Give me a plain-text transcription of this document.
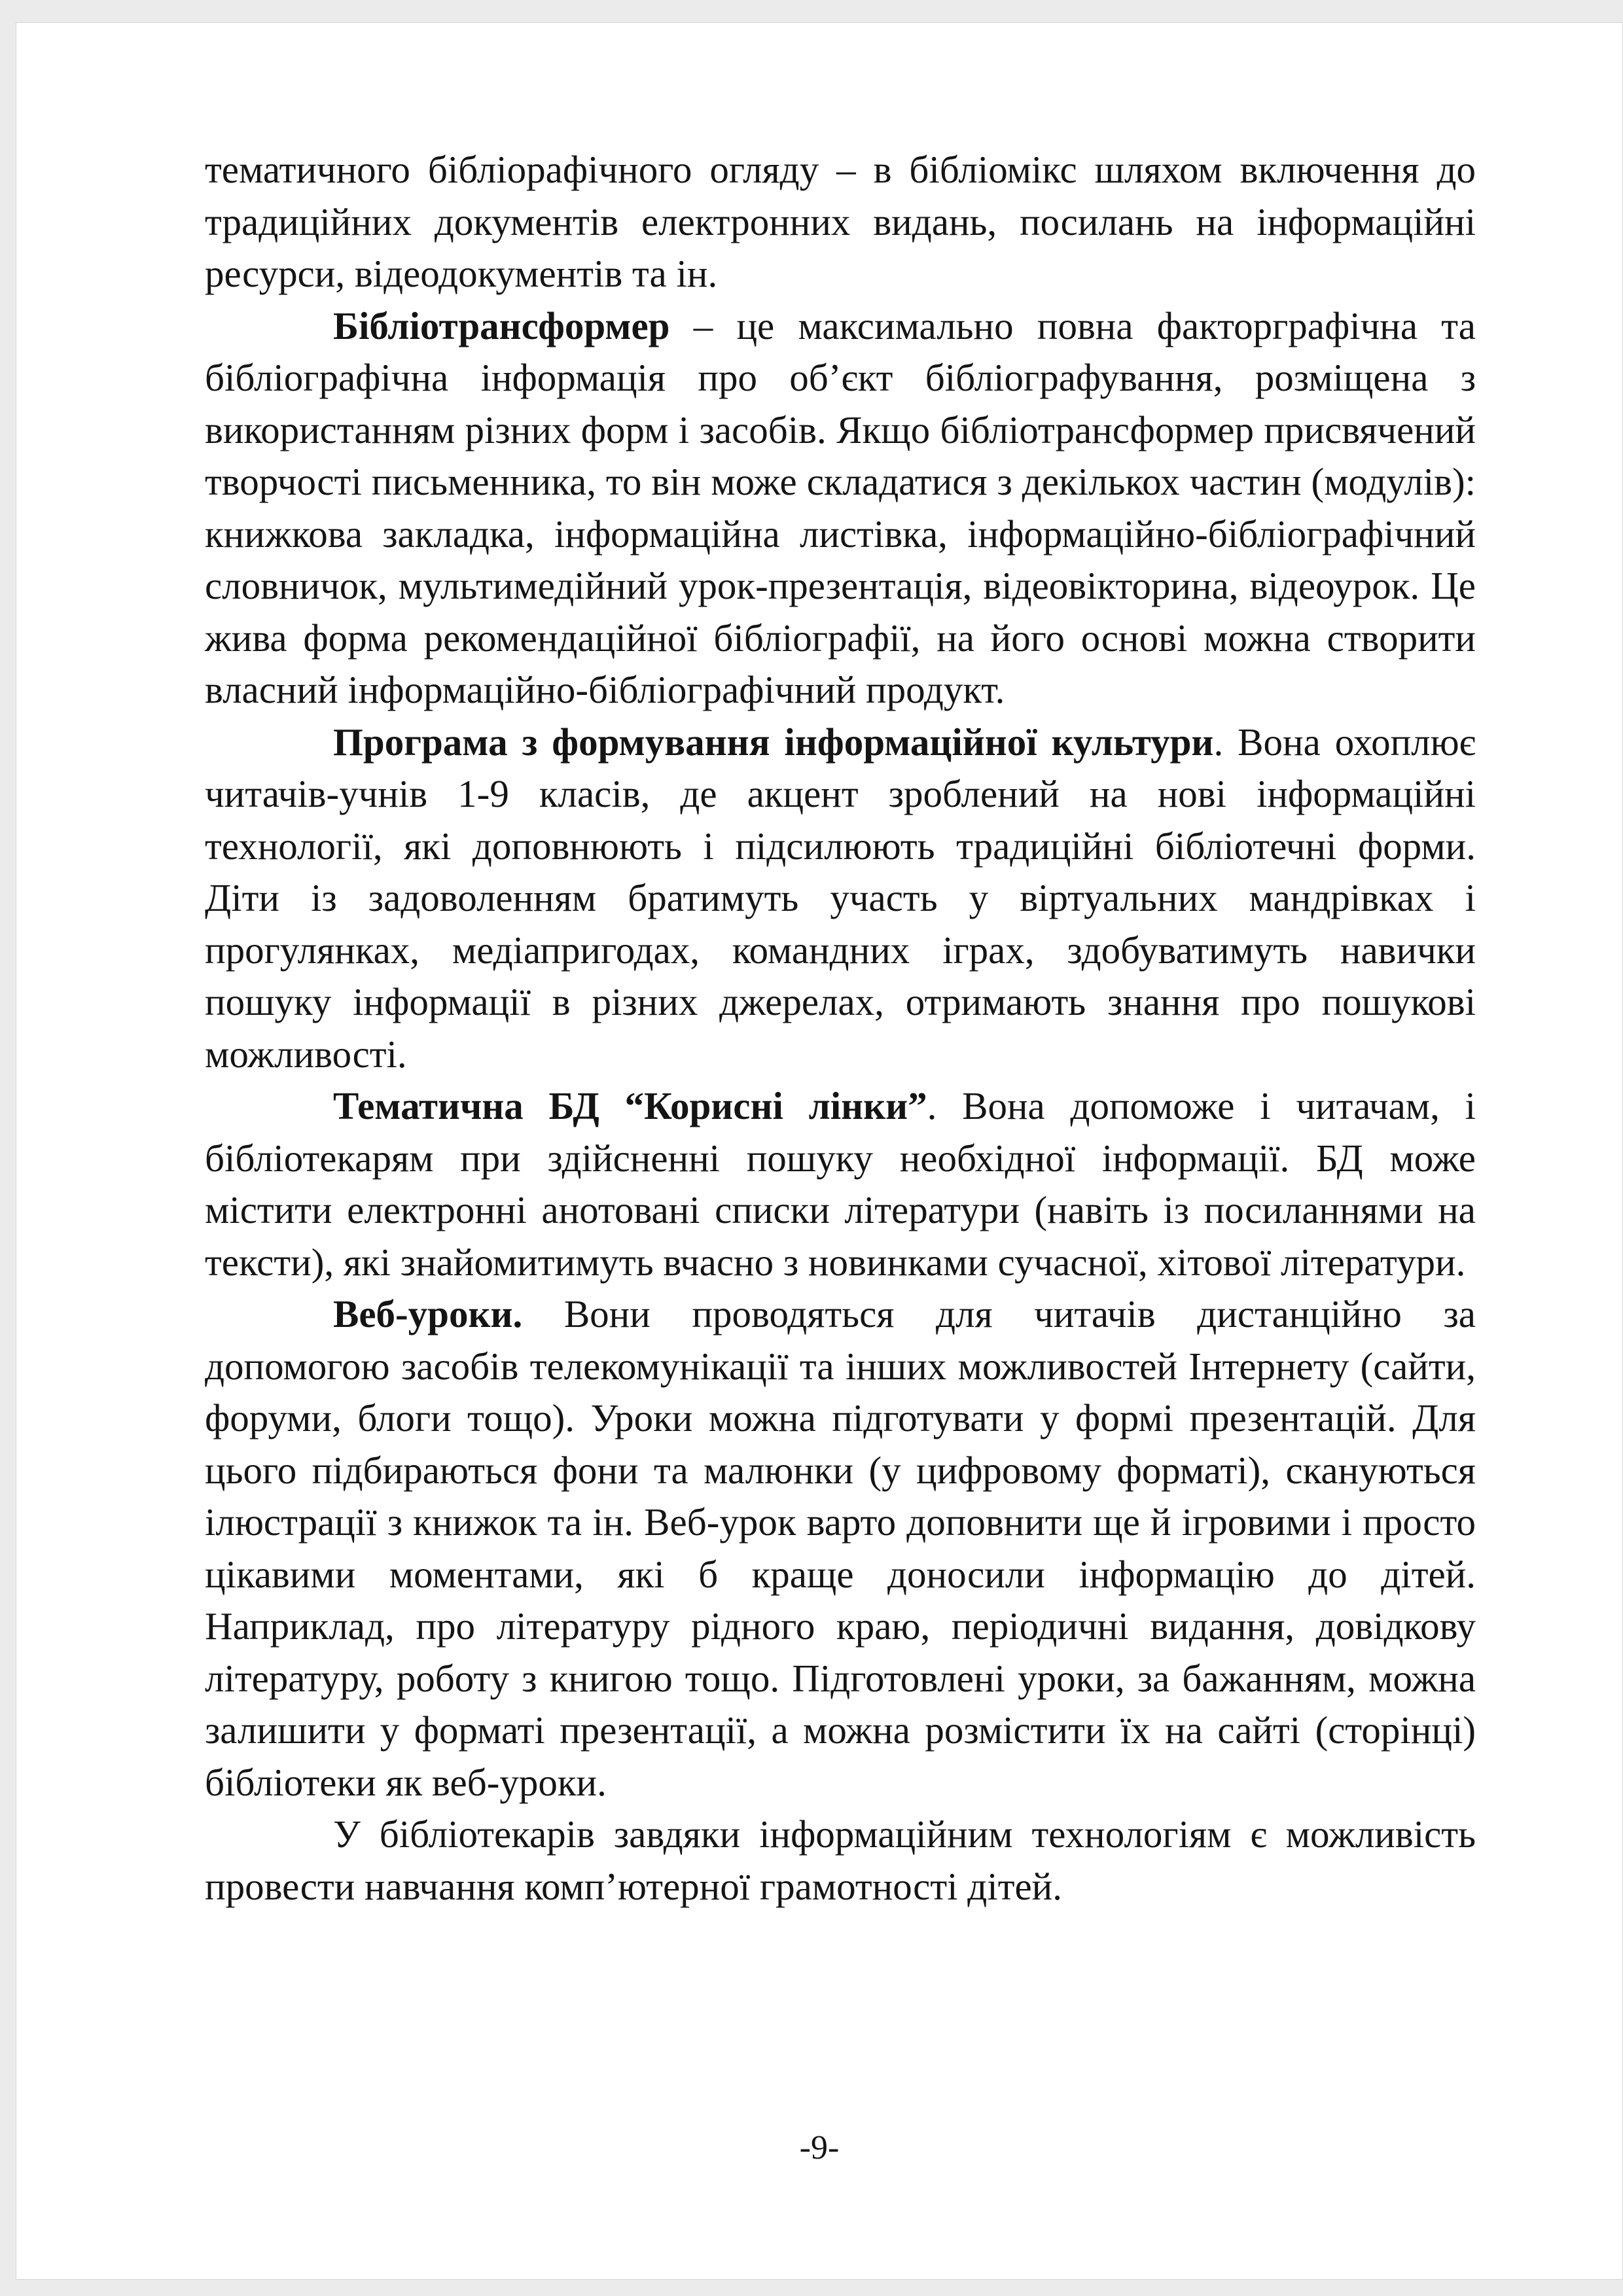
тематичного бібліорафічного огляду – в бібліомікс шляхом включення до традиційних документів електронних видань, посилань на інформаційні ресурси, відеодокументів та ін.

Бібліотрансформер – це максимально повна факторграфічна та бібліографічна інформація про об’єкт бібліографування, розміщена з використанням різних форм і засобів. Якщо бібліотрансформер присвячений творчості письменника, то він може складатися з декількох частин (модулів): книжкова закладка, інформаційна листівка, інформаційно-бібліографічний словничок, мультимедійний урок-презентація, відеовікторина, відеоурок. Це жива форма рекомендаційної бібліографії, на його основі можна створити власний інформаційно-бібліографічний продукт.

Програма з формування інформаційної культури. Вона охоплює читачів-учнів 1-9 класів, де акцент зроблений на нові інформаційні технології, які доповнюють і підсилюють традиційні бібліотечні форми. Діти із задоволенням братимуть участь у віртуальних мандрівках і прогулянках, медіапригодах, командних іграх, здобуватимуть навички пошуку інформації в різних джерелах, отримають знання про пошукові можливості.

Тематична БД “Корисні лінки”. Вона допоможе і читачам, і бібліотекарям при здійсненні пошуку необхідної інформації. БД може містити електронні анотовані списки літератури (навіть із посиланнями на тексти), які знайомитимуть вчасно з новинками сучасної, хітової літератури.

Веб-уроки. Вони проводяться для читачів дистанційно за допомогою засобів телекомунікації та інших можливостей Інтернету (сайти, форуми, блоги тощо). Уроки можна підготувати у формі презентацій. Для цього підбираються фони та малюнки (у цифровому форматі), скануються ілюстрації з книжок та ін. Веб-урок варто доповнити ще й ігровими і просто цікавими моментами, які б краще доносили інформацію до дітей. Наприклад, про літературу рідного краю, періодичні видання, довідкову літературу, роботу з книгою тощо. Підготовлені уроки, за бажанням, можна залишити у форматі презентації, а можна розмістити їх на сайті (сторінці) бібліотеки як веб-уроки.

У бібліотекарів завдяки інформаційним технологіям є можливість провести навчання комп’ютерної грамотності дітей.

-9-
